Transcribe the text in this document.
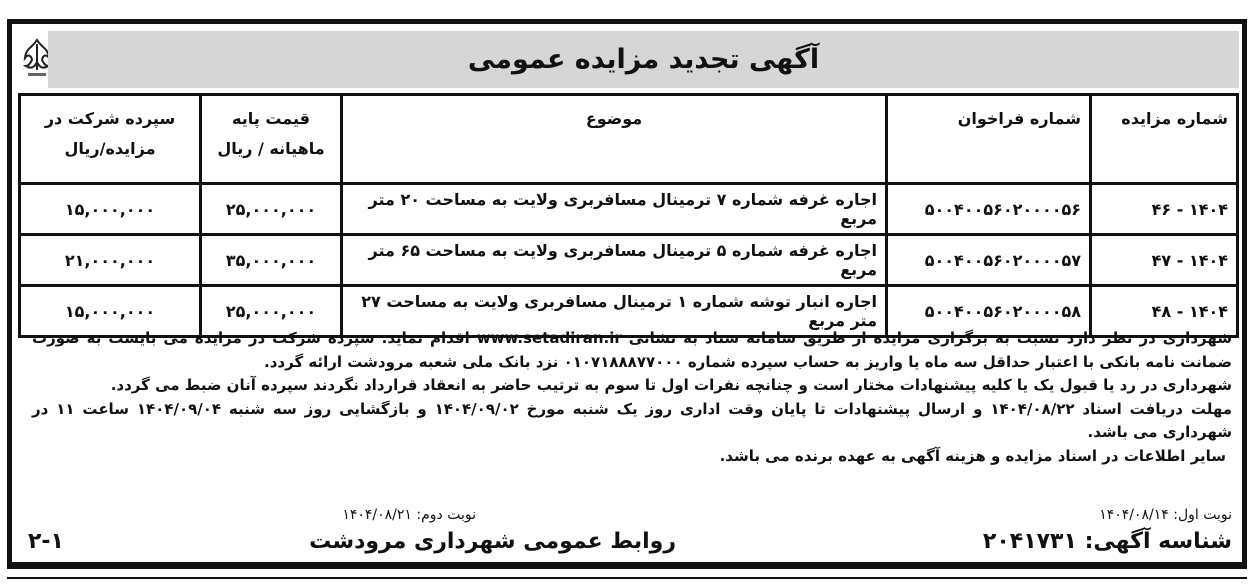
آگهی تجدید مزایده عمومی
شماره مزایده	شماره فراخوان	موضوع	قیمت پایه ماهیانه / ریال	سپرده شرکت در مزایده/ریال
۱۴۰۴ - ۴۶	۵۰۰۴۰۰۵۶۰۲۰۰۰۰۵۶	اجاره غرفه شماره ۷ ترمینال مسافربری ولایت به مساحت ۲۰ متر مربع	۲۵,۰۰۰,۰۰۰	۱۵,۰۰۰,۰۰۰
۱۴۰۴ - ۴۷	۵۰۰۴۰۰۵۶۰۲۰۰۰۰۵۷	اجاره غرفه شماره ۵ ترمینال مسافربری ولایت به مساحت ۶۵ متر مربع	۳۵,۰۰۰,۰۰۰	۲۱,۰۰۰,۰۰۰
۱۴۰۴ - ۴۸	۵۰۰۴۰۰۵۶۰۲۰۰۰۰۵۸	اجاره انبار توشه شماره ۱ ترمینال مسافربری ولایت به مساحت ۲۷ متر مربع	۲۵,۰۰۰,۰۰۰	۱۵,۰۰۰,۰۰۰

شهرداری در نظر دارد نسبت به برگزاری مزایده از طریق سامانه ستاد به نشانی www.setadiran.ir اقدام نماید. سپرده شرکت در مزایده می بایست به صورت ضمانت نامه بانکی با اعتبار حداقل سه ماه یا واریز به حساب سپرده شماره ۰۱۰۷۱۸۸۸۷۷۰۰۰ نزد بانک ملی شعبه مرودشت ارائه گردد.

شهرداری در رد یا قبول یک یا کلیه پیشنهادات مختار است و چنانچه نفرات اول تا سوم به ترتیب حاضر به انعقاد قرارداد نگردند سپرده آنان ضبط می گردد.

مهلت دریافت اسناد ۱۴۰۴/۰۸/۲۲ و ارسال پیشنهادات تا پایان وقت اداری روز یک شنبه مورخ ۱۴۰۴/۰۹/۰۲ و بازگشایی روز سه شنبه ۱۴۰۴/۰۹/۰۴ ساعت ۱۱ در شهرداری می باشد.

سایر اطلاعات در اسناد مزایده و هزینه آگهی به عهده برنده می باشد.

نوبت اول: ۱۴۰۴/۰۸/۱۴
نوبت دوم: ۱۴۰۴/۰۸/۲۱
شناسه آگهی: ۲۰۴۱۷۳۱
روابط عمومی شهرداری مرودشت
۲-۱
